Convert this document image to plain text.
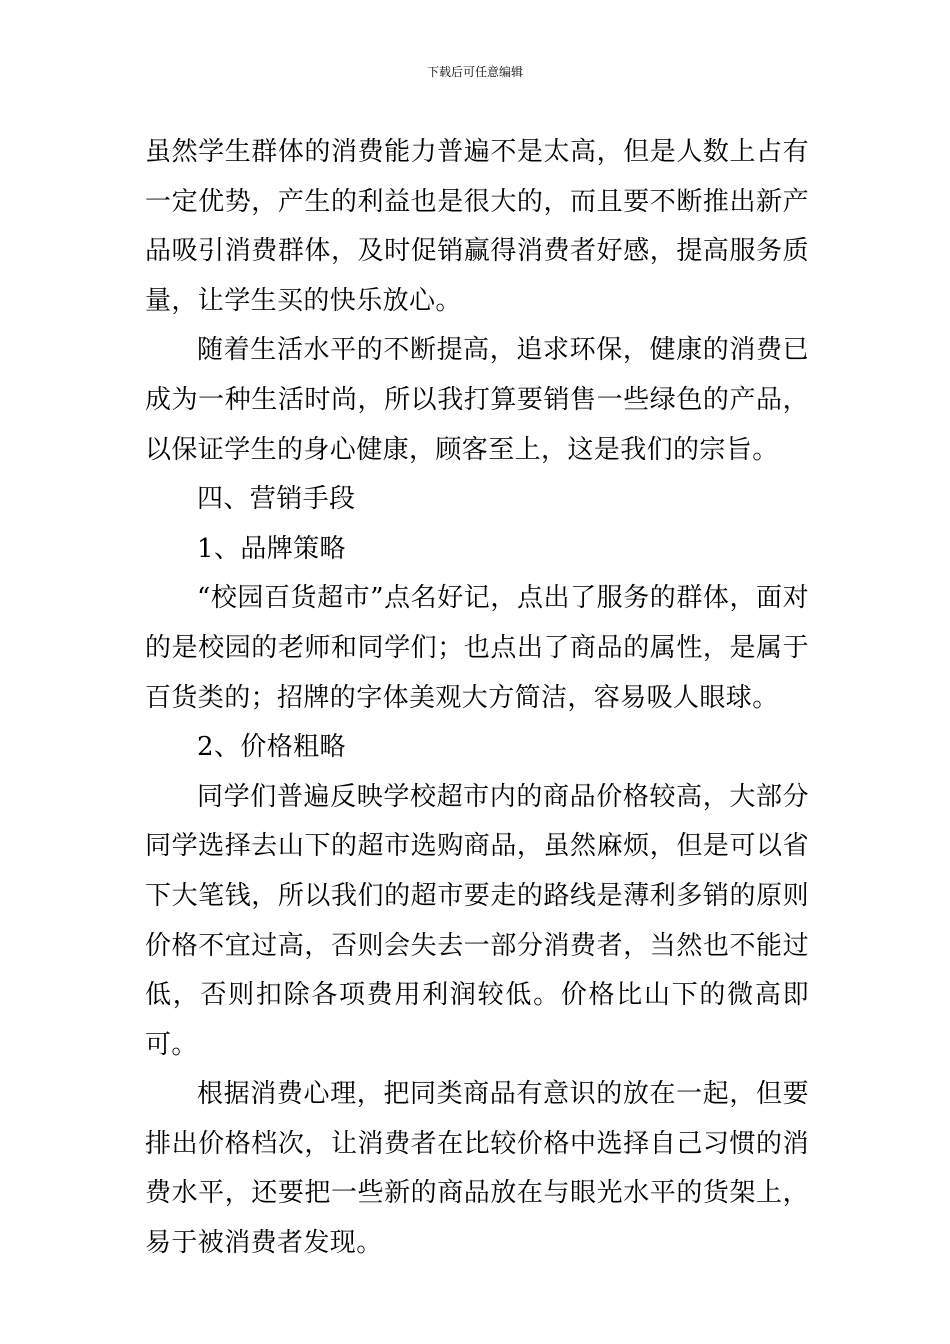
下载后可任意编辑

虽然学生群体的消费能力普遍不是太高，但是人数上占有一定优势，产生的利益也是很大的，而且要不断推出新产品吸引消费群体，及时促销赢得消费者好感，提高服务质量，让学生买的快乐放心。

随着生活水平的不断提高，追求环保，健康的消费已成为一种生活时尚，所以我打算要销售一些绿色的产品，以保证学生的身心健康，顾客至上，这是我们的宗旨。

四、营销手段

1、品牌策略

“校园百货超市”点名好记，点出了服务的群体，面对的是校园的老师和同学们；也点出了商品的属性，是属于百货类的；招牌的字体美观大方简洁，容易吸人眼球。

2、价格粗略

同学们普遍反映学校超市内的商品价格较高，大部分同学选择去山下的超市选购商品，虽然麻烦，但是可以省下大笔钱，所以我们的超市要走的路线是薄利多销的原则价格不宜过高，否则会失去一部分消费者，当然也不能过低，否则扣除各项费用利润较低。价格比山下的微高即可。

根据消费心理，把同类商品有意识的放在一起，但要排出价格档次，让消费者在比较价格中选择自己习惯的消费水平，还要把一些新的商品放在与眼光水平的货架上，易于被消费者发现。
